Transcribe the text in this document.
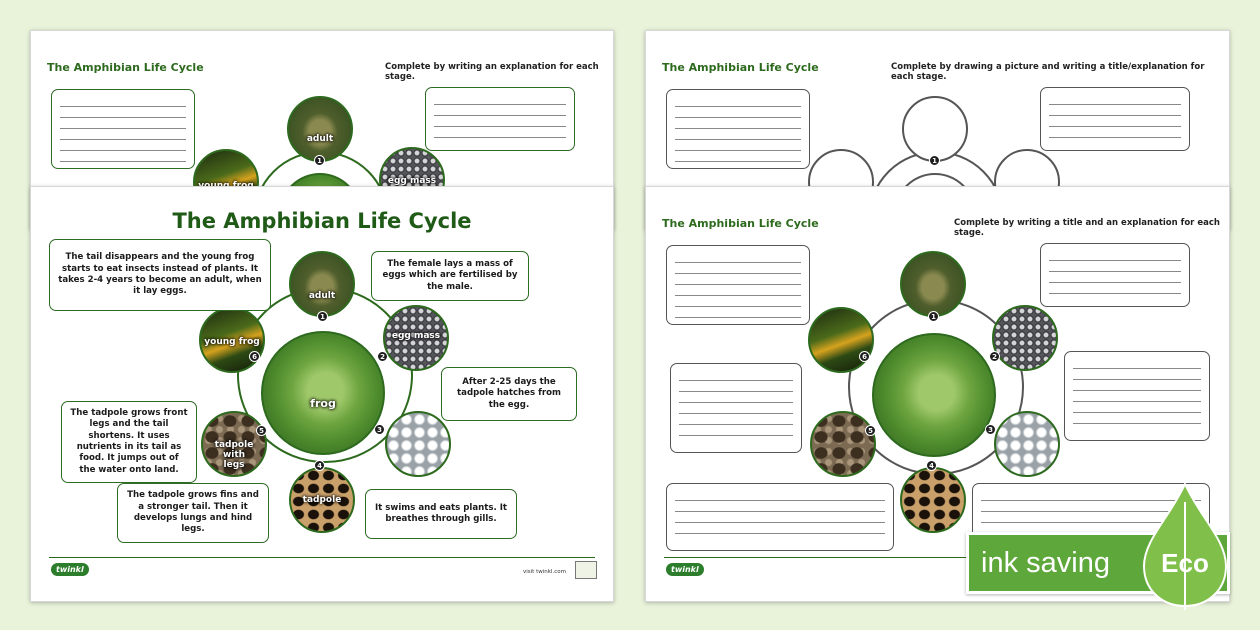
The Amphibian Life Cycle	Complete by writing an explanation for each stage.
adult
1
egg mass
The Amphibian Life Cycle	Complete by drawing a picture and writing a title/explanation for each stage.
1
The Amphibian Life Cycle
frog
adult
1
egg mass
2
3
tadpole
4
tadpole with legs
5
young frog
6
The tail disappears and the young frog starts to eat insects instead of plants. It takes 2-4 years to become an adult, when it lay eggs.
The female lays a mass of eggs which are fertilised by the male.
After 2-25 days the tadpole hatches from the egg.
The tadpole grows front legs and the tail shortens. It uses nutrients in its tail as food. It jumps out of the water onto land.
The tadpole grows fins and a stronger tail. Then it develops lungs and hind legs.
It swims and eats plants. It breathes through gills.
twinkl	visit twinkl.com
The Amphibian Life Cycle	Complete by writing a title and an explanation for each stage.
1
2
3
4
5
6
twinkl	ink saving Eco
